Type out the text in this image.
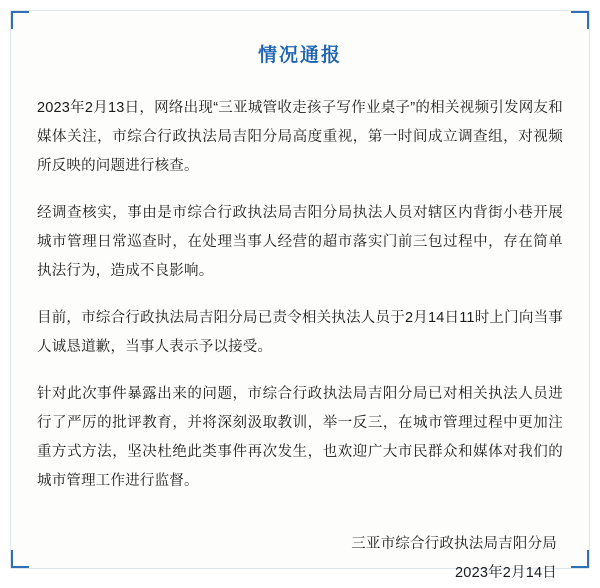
情况通报

2023年2月13日，网络出现“三亚城管收走孩子写作业桌子”的相关视频引发网友和媒体关注，市综合行政执法局吉阳分局高度重视，第一时间成立调查组，对视频所反映的问题进行核查。

经调查核实，事由是市综合行政执法局吉阳分局执法人员对辖区内背街小巷开展城市管理日常巡查时，在处理当事人经营的超市落实门前三包过程中，存在简单执法行为，造成不良影响。

目前，市综合行政执法局吉阳分局已责令相关执法人员于2月14日11时上门向当事人诚恳道歉，当事人表示予以接受。

针对此次事件暴露出来的问题，市综合行政执法局吉阳分局已对相关执法人员进行了严厉的批评教育，并将深刻汲取教训，举一反三，在城市管理过程中更加注重方式方法，坚决杜绝此类事件再次发生，也欢迎广大市民群众和媒体对我们的城市管理工作进行监督。

三亚市综合行政执法局吉阳分局
2023年2月14日
